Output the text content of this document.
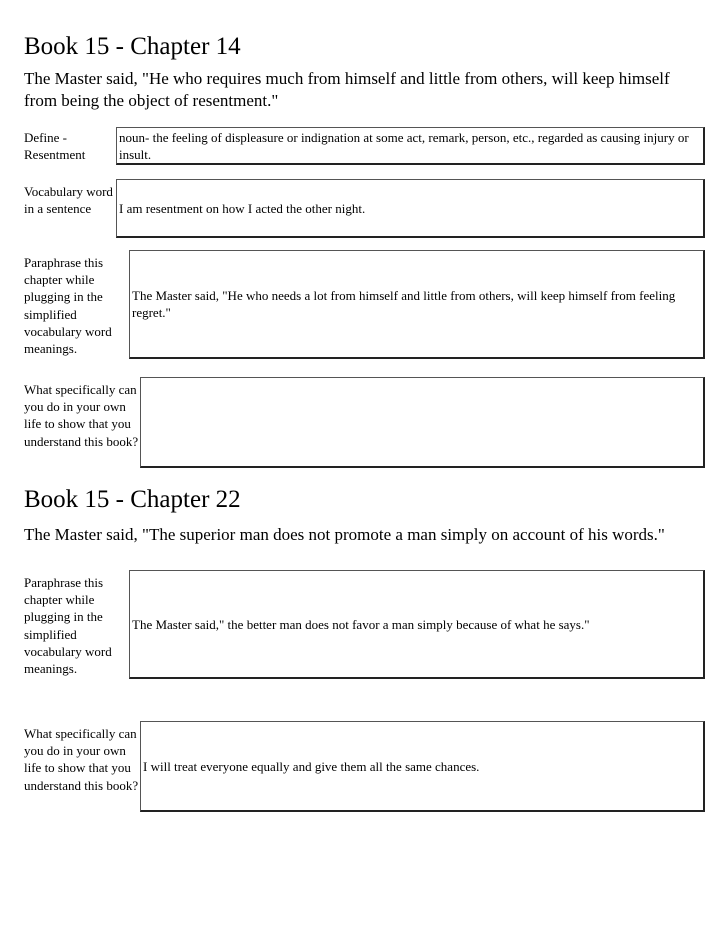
Book 15 - Chapter 14
The Master said, "He who requires much from himself and little from others, will keep himself from being the object of resentment."
Define -
Resentment
noun- the feeling of displeasure or indignation at some act, remark, person, etc., regarded as causing injury or insult.
Vocabulary word in a sentence	I am resentment on how I acted the other night.
Paraphrase this chapter while plugging in the simplified vocabulary word meanings.
The Master said, "He who needs a lot from himself and little from others, will keep himself from feeling regret."
What specifically can you do in your own life to show that you understand this book?
Book 15 - Chapter 22
The Master said, "The superior man does not promote a man simply on account of his words."
Paraphrase this chapter while plugging in the simplified vocabulary word meanings.
The Master said," the better man does not favor a man simply because of what he says."
What specifically can you do in your own life to show that you understand this book?
I will treat everyone equally and give them all the same chances.
